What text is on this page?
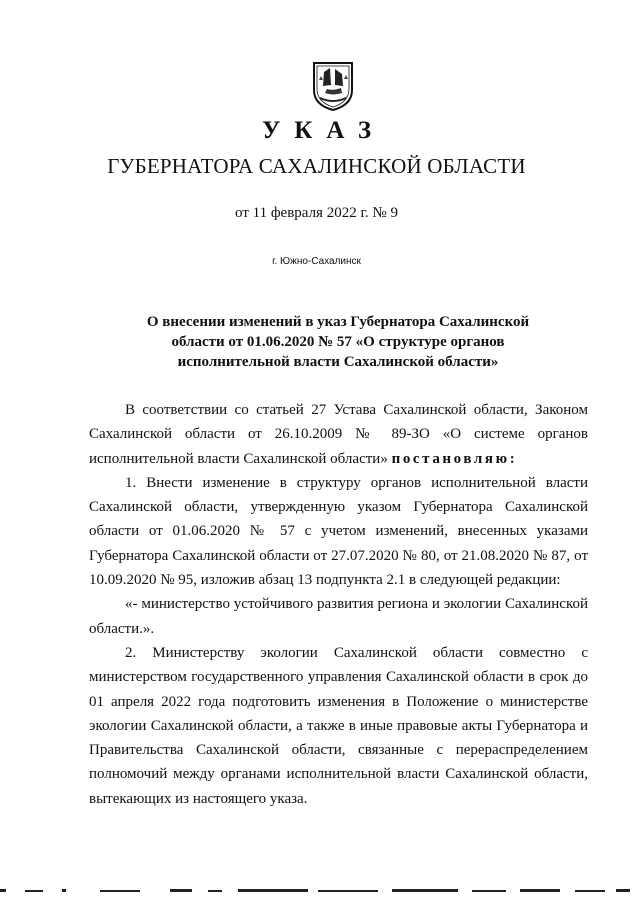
УКАЗ
ГУБЕРНАТОРА САХАЛИНСКОЙ ОБЛАСТИ
от 11 февраля 2022 г. № 9
г. Южно-Сахалинск
О внесении изменений в указ Губернатора Сахалинской области от 01.06.2020 № 57 «О структуре органов исполнительной власти Сахалинской области»

В соответствии со статьей 27 Устава Сахалинской области, Законом Сахалинской области от 26.10.2009 № 89-ЗО «О системе органов исполнительной власти Сахалинской области» постановляю:

1. Внести изменение в структуру органов исполнительной власти Сахалинской области, утвержденную указом Губернатора Сахалинской области от 01.06.2020 № 57 с учетом изменений, внесенных указами Губернатора Сахалинской области от 27.07.2020 № 80, от 21.08.2020 № 87, от 10.09.2020 № 95, изложив абзац 13 подпункта 2.1 в следующей редакции:

«- министерство устойчивого развития региона и экологии Сахалинской области.».

2. Министерству экологии Сахалинской области совместно с министерством государственного управления Сахалинской области в срок до 01 апреля 2022 года подготовить изменения в Положение о министерстве экологии Сахалинской области, а также в иные правовые акты Губернатора и Правительства Сахалинской области, связанные с перераспределением полномочий между органами исполнительной власти Сахалинской области, вытекающих из настоящего указа.
